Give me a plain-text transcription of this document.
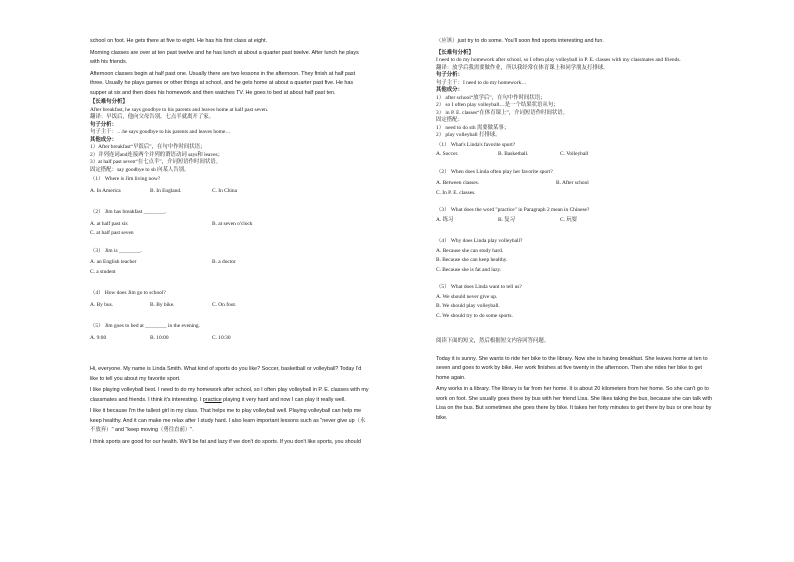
school on foot. He gets there at five to eight. He has his first class at eight.
Morning classes are over at ten past twelve and he has lunch at about a quarter past twelve. After lunch he plays
with his friends.
Afternoon classes begin at half past one. Usually there are two lessons in the afternoon. They finish at half past
three. Usually he plays games or other things at school, and he gets home at about a quarter past five. He has
supper at six and then does his homework and then watches TV. He goes to bed at about half past ten.
【长难句分析】
After breakfast, he says goodbye to his parents and leaves home at half past seven.
翻译：早饭后，他向父母告别，七点半就离开了家。
句子分析：
句子主干：…he says goodbye to his parents and leaves home…
其他成分：
1）After breakfast“早饭后”，在句中作时间状语；
2）并列连词and连接两个并列的谓语动词 says和 leaves；
3）at half past seven“在七点半”，介词短语作时间状语。
固定搭配：say goodbye to sb 向某人告别。
（1） Where is Jim living now?
A. In America	B. In England.	C. In China
（2） Jim has breakfast ________.
A. at half past six	B. at seven o'clock
C. at half past seven
（3） Jim is ________.
A. an English teacher	B. a doctor
C. a student
（4） How does Jim go to school?
A. By bus.	B. By bike.	C. On foot.
（5） Jim goes to bed at ________ in the evening.
A. 9:00	B. 10:00	C. 10:30
Hi, everyone. My name is Linda Smith. What kind of sports do you like? Soccer, basketball or volleyball? Today I'd
like to tell you about my favorite sport.
I like playing volleyball best. I need to do my homework after school, so I often play volleyball in P. E. classes with my
classmates and friends. I think it's interesting. I practice playing it very hard and now I can play it really well.
I like it because I'm the tallest girl in my class. That helps me to play volleyball well. Playing volleyball can help me
keep healthy. And it can make me relax after I study hard. I also learn important lessons such as "never give up（永
不放弃）" and "keep moving（勇往直前）".
I think sports are good for our health. We'll be fat and lazy if we don't do sports. If you don't like sports, you should
（应该）just try to do some. You'll soon find sports interesting and fun.
【长难句分析】
I need to do my homework after school, so I often play volleyball in P. E. classes with my classmates and friends.
翻译：放学后我需要做作业，所以我经常在体育课上和同学朋友打排球。
句子分析：
句子主干：I need to do my homework…
其他成分：
1） after school“放学后”，在句中作时间状语；
2） so I often play volleyball…是一个结果状语从句；
3） in P. E. classes“在体育课上”，介词短语作时间状语。
固定搭配：
1） need to do sth 需要做某事；
2） play volleyball 打排球。
（1） What's Linda's favorite sport?
A. Soccer.	B. Basketball.	C. Volleyball
（2） When does Linda often play her favorite sport?
A. Between classes.	B. After school
C. In P. E. classes.
（3） What does the word "practice" in Paragraph 2 mean in Chinese?
A. 练习	B. 复习	C. 玩耍
（4） Why does Linda play volleyball?
A. Because she can study hard.
B. Because she can keep healthy.
C. Because she is fat and lazy.
（5） What does Linda want to tell us?
A. We should never give up.
B. We should play volleyball.
C. We should try to do some sports.
阅读下面的短文，然后根据短文内容回答问题。
Today it is sunny. She wants to ride her bike to the library. Now she is having breakfast. She leaves home at ten to
seven and goes to work by bike. Her work finishes at five twenty in the afternoon. Then she rides her bike to get
home again.
Amy works in a library. The library is far from her home. It is about 20 kilometers from her home. So she can't go to
work on foot. She usually goes there by bus with her friend Lisa. She likes taking the bus, because she can talk with
Lisa on the bus. But sometimes she goes there by bike. It takes her forty minutes to get there by bus or one hour by
bike.
